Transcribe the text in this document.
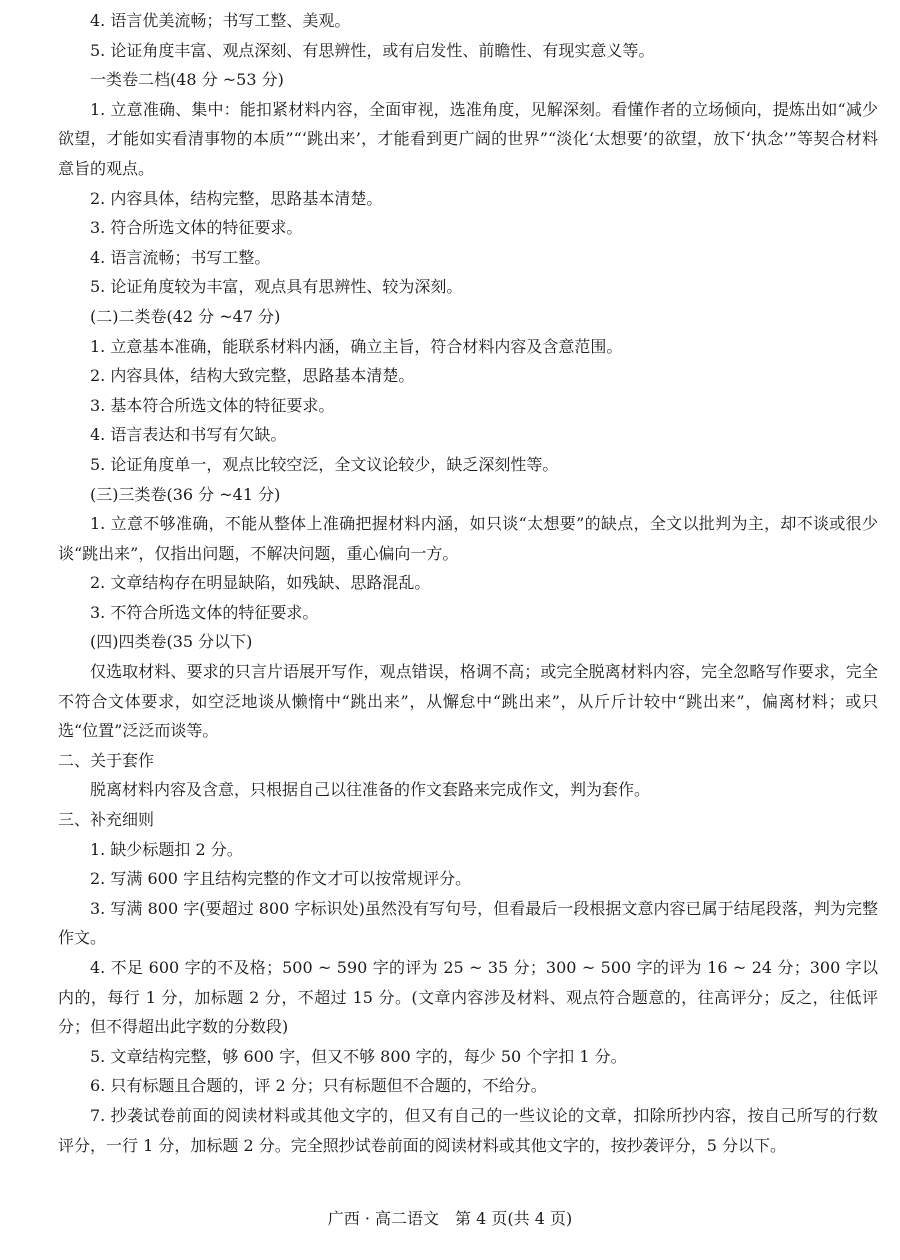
4. 语言优美流畅；书写工整、美观。
5. 论证角度丰富、观点深刻、有思辨性，或有启发性、前瞻性、有现实意义等。
一类卷二档(48 分 ~53 分)
1. 立意准确、集中：能扣紧材料内容，全面审视，选准角度，见解深刻。看懂作者的立场倾向，提炼出如“减少欲望，才能如实看清事物的本质”“‘跳出来’，才能看到更广阔的世界”“淡化‘太想要’的欲望，放下‘执念’”等契合材料意旨的观点。
2. 内容具体，结构完整，思路基本清楚。
3. 符合所选文体的特征要求。
4. 语言流畅；书写工整。
5. 论证角度较为丰富，观点具有思辨性、较为深刻。
(二)二类卷(42 分 ~47 分)
1. 立意基本准确，能联系材料内涵，确立主旨，符合材料内容及含意范围。
2. 内容具体，结构大致完整，思路基本清楚。
3. 基本符合所选文体的特征要求。
4. 语言表达和书写有欠缺。
5. 论证角度单一，观点比较空泛，全文议论较少，缺乏深刻性等。
(三)三类卷(36 分 ~41 分)
1. 立意不够准确，不能从整体上准确把握材料内涵，如只谈“太想要”的缺点，全文以批判为主，却不谈或很少谈“跳出来”，仅指出问题，不解决问题，重心偏向一方。
2. 文章结构存在明显缺陷，如残缺、思路混乱。
3. 不符合所选文体的特征要求。
(四)四类卷(35 分以下)
仅选取材料、要求的只言片语展开写作，观点错误，格调不高；或完全脱离材料内容，完全忽略写作要求，完全不符合文体要求，如空泛地谈从懒惰中“跳出来”，从懈怠中“跳出来”，从斤斤计较中“跳出来”，偏离材料；或只选“位置”泛泛而谈等。
二、关于套作
脱离材料内容及含意，只根据自己以往准备的作文套路来完成作文，判为套作。
三、补充细则
1. 缺少标题扣 2 分。
2. 写满 600 字且结构完整的作文才可以按常规评分。
3. 写满 800 字(要超过 800 字标识处)虽然没有写句号，但看最后一段根据文意内容已属于结尾段落，判为完整作文。
4. 不足 600 字的不及格；500 ~ 590 字的评为 25 ~ 35 分；300 ~ 500 字的评为 16 ~ 24 分；300 字以内的，每行 1 分，加标题 2 分，不超过 15 分。(文章内容涉及材料、观点符合题意的，往高评分；反之，往低评分；但不得超出此字数的分数段)
5. 文章结构完整，够 600 字，但又不够 800 字的，每少 50 个字扣 1 分。
6. 只有标题且合题的，评 2 分；只有标题但不合题的，不给分。
7. 抄袭试卷前面的阅读材料或其他文字的，但又有自己的一些议论的文章，扣除所抄内容，按自己所写的行数评分，一行 1 分，加标题 2 分。完全照抄试卷前面的阅读材料或其他文字的，按抄袭评分，5 分以下。
广西 · 高二语文　第 4 页(共 4 页)
